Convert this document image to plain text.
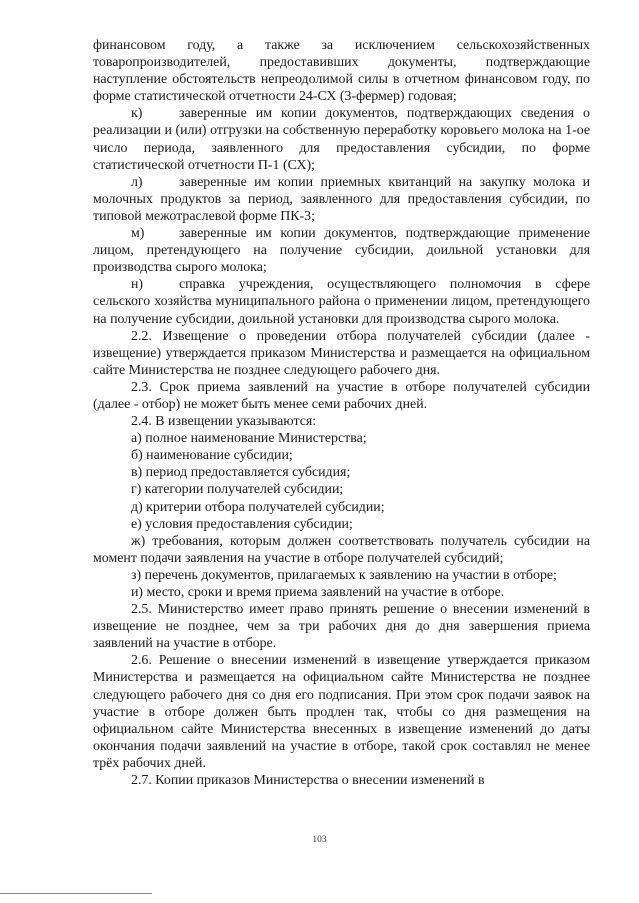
финансовом году, а также за исключением сельскохозяйственных товаропроизводителей, предоставивших документы, подтверждающие наступление обстоятельств непреодолимой силы в отчетном финансовом году, по форме статистической отчетности 24-СХ (3-фермер) годовая;

к)	заверенные им копии документов, подтверждающих сведения о реализации и (или) отгрузки на собственную переработку коровьего молока на 1-ое число периода, заявленного для предоставления субсидии, по форме статистической отчетности П-1 (СХ);

л)	заверенные им копии приемных квитанций на закупку молока и молочных продуктов за период, заявленного для предоставления субсидии, по типовой межотраслевой форме ПК-3;

м) заверенные им копии документов, подтверждающие применение лицом, претендующего на получение субсидии, доильной установки для производства сырого молока;

н)	справка учреждения, осуществляющего полномочия в сфере сельского хозяйства муниципального района о применении лицом, претендующего на получение субсидии, доильной установки для производства сырого молока.

2.2. Извещение о проведении отбора получателей субсидии (далее - извещение) утверждается приказом Министерства и размещается на официальном сайте Министерства не позднее следующего рабочего дня.

2.3. Срок приема заявлений на участие в отборе получателей субсидии (далее - отбор) не может быть менее семи рабочих дней.

2.4. В извещении указываются:

а) полное наименование Министерства;

б) наименование субсидии;

в) период предоставляется субсидия;

г) категории получателей субсидии;

д) критерии отбора получателей субсидии;

е) условия предоставления субсидии;

ж) требования, которым должен соответствовать получатель субсидии на момент подачи заявления на участие в отборе получателей субсидий;

з) перечень документов, прилагаемых к заявлению на участии в отборе;

и) место, сроки и время приема заявлений на участие в отборе.

2.5. Министерство имеет право принять решение о внесении изменений в извещение не позднее, чем за три рабочих дня до дня завершения приема заявлений на участие в отборе.

2.6. Решение о внесении изменений в извещение утверждается приказом Министерства и размещается на официальном сайте Министерства не позднее следующего рабочего дня со дня его подписания. При этом срок подачи заявок на участие в отборе должен быть продлен так, чтобы со дня размещения на официальном сайте Министерства внесенных в извещение изменений до даты окончания подачи заявлений на участие в отборе, такой срок составлял не менее трёх рабочих дней.

2.7. Копии приказов Министерства о внесении изменений в

103
